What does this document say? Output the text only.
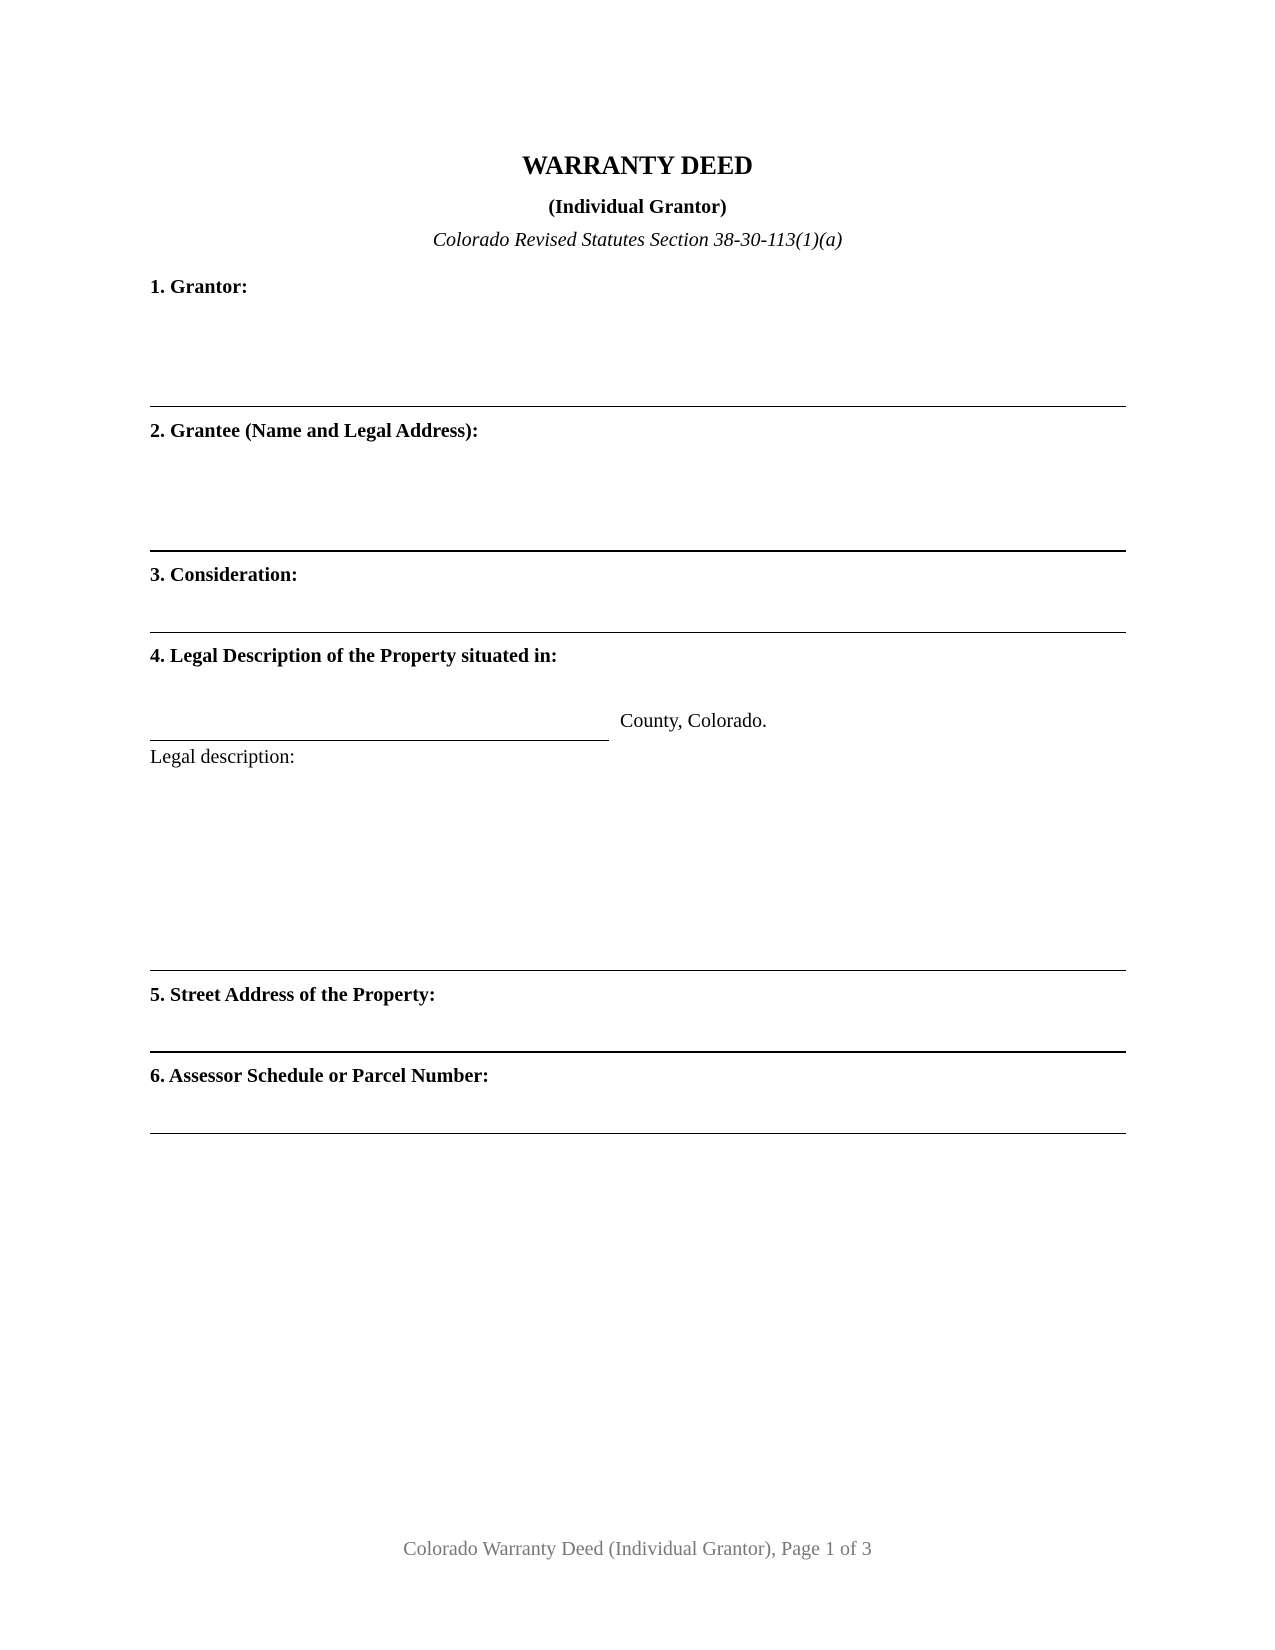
WARRANTY DEED
(Individual Grantor)
Colorado Revised Statutes Section 38-30-113(1)(a)
1. Grantor:
2. Grantee (Name and Legal Address):
3. Consideration:
4. Legal Description of the Property situated in:
County, Colorado.
Legal description:
5. Street Address of the Property:
6. Assessor Schedule or Parcel Number:
Colorado Warranty Deed (Individual Grantor), Page 1 of 3
